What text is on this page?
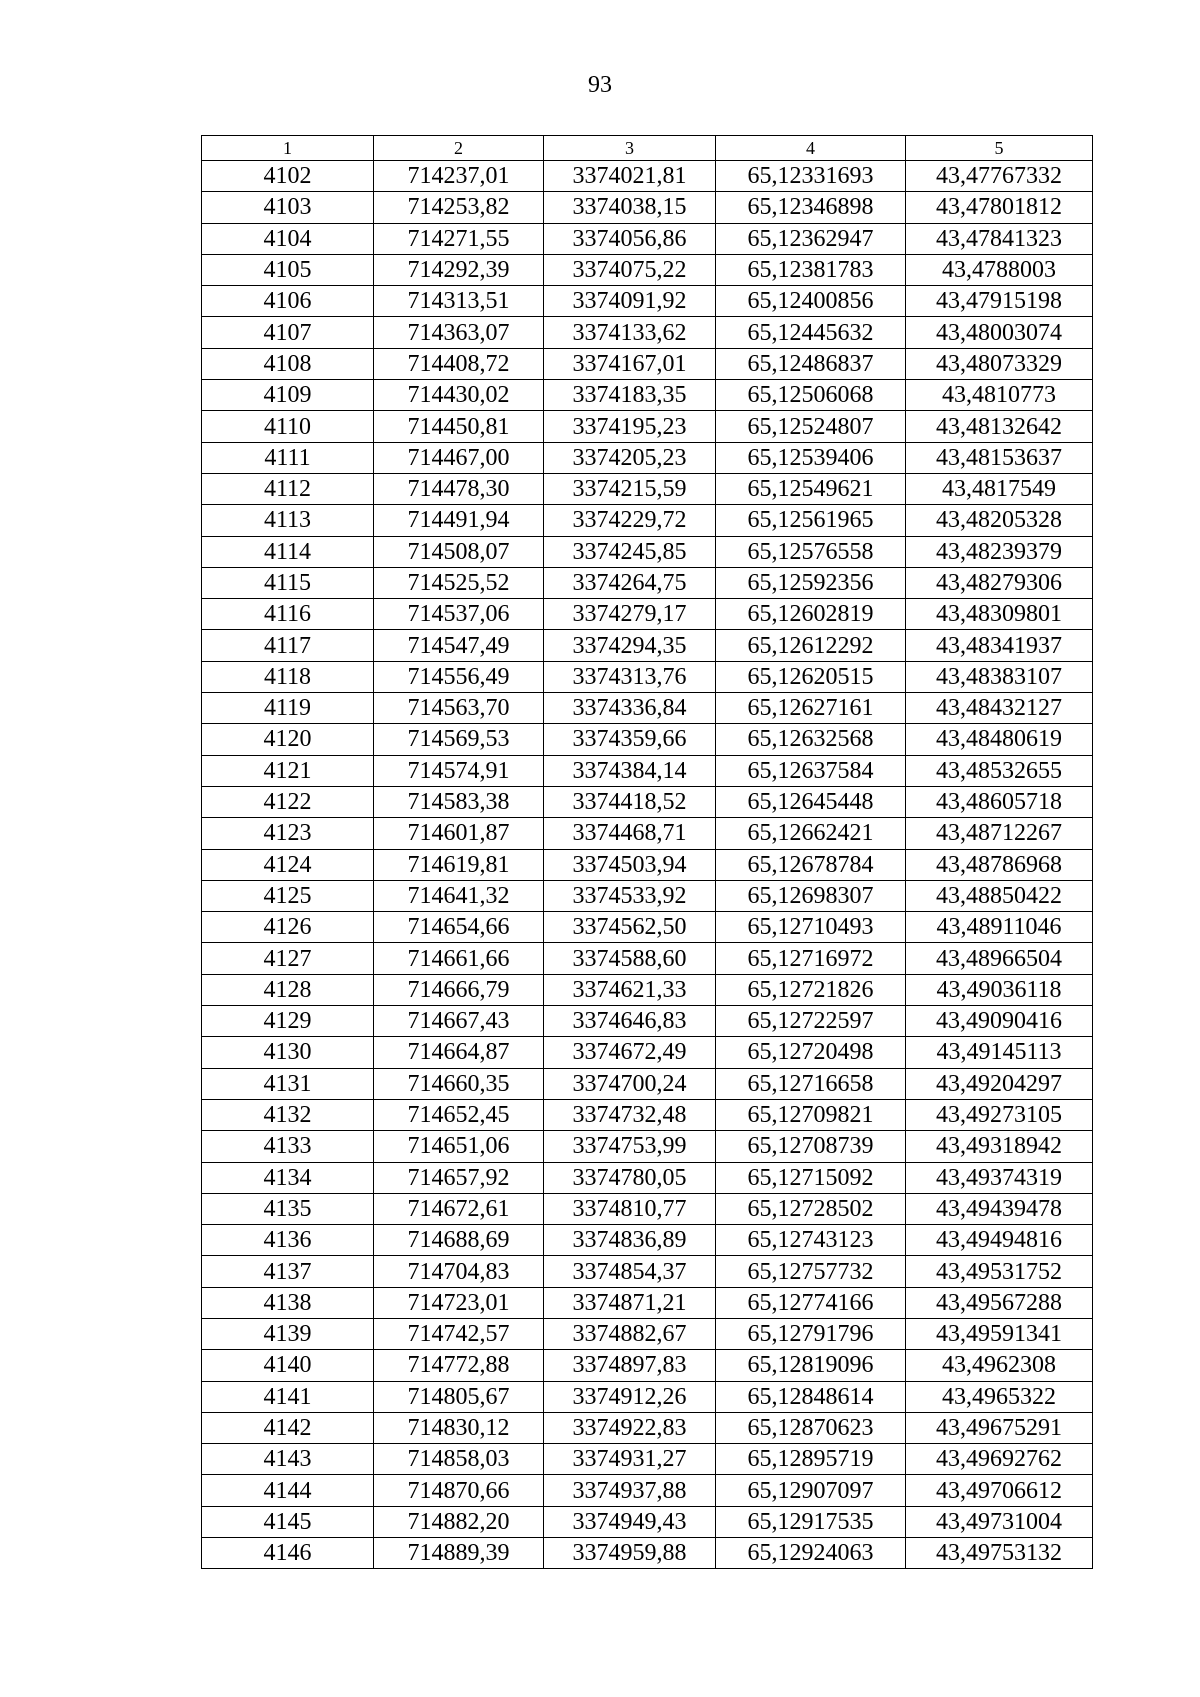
93
1	2	3	4	5
4102	714237,01	3374021,81	65,12331693	43,47767332
4103	714253,82	3374038,15	65,12346898	43,47801812
4104	714271,55	3374056,86	65,12362947	43,47841323
4105	714292,39	3374075,22	65,12381783	43,4788003
4106	714313,51	3374091,92	65,12400856	43,47915198
4107	714363,07	3374133,62	65,12445632	43,48003074
4108	714408,72	3374167,01	65,12486837	43,48073329
4109	714430,02	3374183,35	65,12506068	43,4810773
4110	714450,81	3374195,23	65,12524807	43,48132642
4111	714467,00	3374205,23	65,12539406	43,48153637
4112	714478,30	3374215,59	65,12549621	43,4817549
4113	714491,94	3374229,72	65,12561965	43,48205328
4114	714508,07	3374245,85	65,12576558	43,48239379
4115	714525,52	3374264,75	65,12592356	43,48279306
4116	714537,06	3374279,17	65,12602819	43,48309801
4117	714547,49	3374294,35	65,12612292	43,48341937
4118	714556,49	3374313,76	65,12620515	43,48383107
4119	714563,70	3374336,84	65,12627161	43,48432127
4120	714569,53	3374359,66	65,12632568	43,48480619
4121	714574,91	3374384,14	65,12637584	43,48532655
4122	714583,38	3374418,52	65,12645448	43,48605718
4123	714601,87	3374468,71	65,12662421	43,48712267
4124	714619,81	3374503,94	65,12678784	43,48786968
4125	714641,32	3374533,92	65,12698307	43,48850422
4126	714654,66	3374562,50	65,12710493	43,48911046
4127	714661,66	3374588,60	65,12716972	43,48966504
4128	714666,79	3374621,33	65,12721826	43,49036118
4129	714667,43	3374646,83	65,12722597	43,49090416
4130	714664,87	3374672,49	65,12720498	43,49145113
4131	714660,35	3374700,24	65,12716658	43,49204297
4132	714652,45	3374732,48	65,12709821	43,49273105
4133	714651,06	3374753,99	65,12708739	43,49318942
4134	714657,92	3374780,05	65,12715092	43,49374319
4135	714672,61	3374810,77	65,12728502	43,49439478
4136	714688,69	3374836,89	65,12743123	43,49494816
4137	714704,83	3374854,37	65,12757732	43,49531752
4138	714723,01	3374871,21	65,12774166	43,49567288
4139	714742,57	3374882,67	65,12791796	43,49591341
4140	714772,88	3374897,83	65,12819096	43,4962308
4141	714805,67	3374912,26	65,12848614	43,4965322
4142	714830,12	3374922,83	65,12870623	43,49675291
4143	714858,03	3374931,27	65,12895719	43,49692762
4144	714870,66	3374937,88	65,12907097	43,49706612
4145	714882,20	3374949,43	65,12917535	43,49731004
4146	714889,39	3374959,88	65,12924063	43,49753132
